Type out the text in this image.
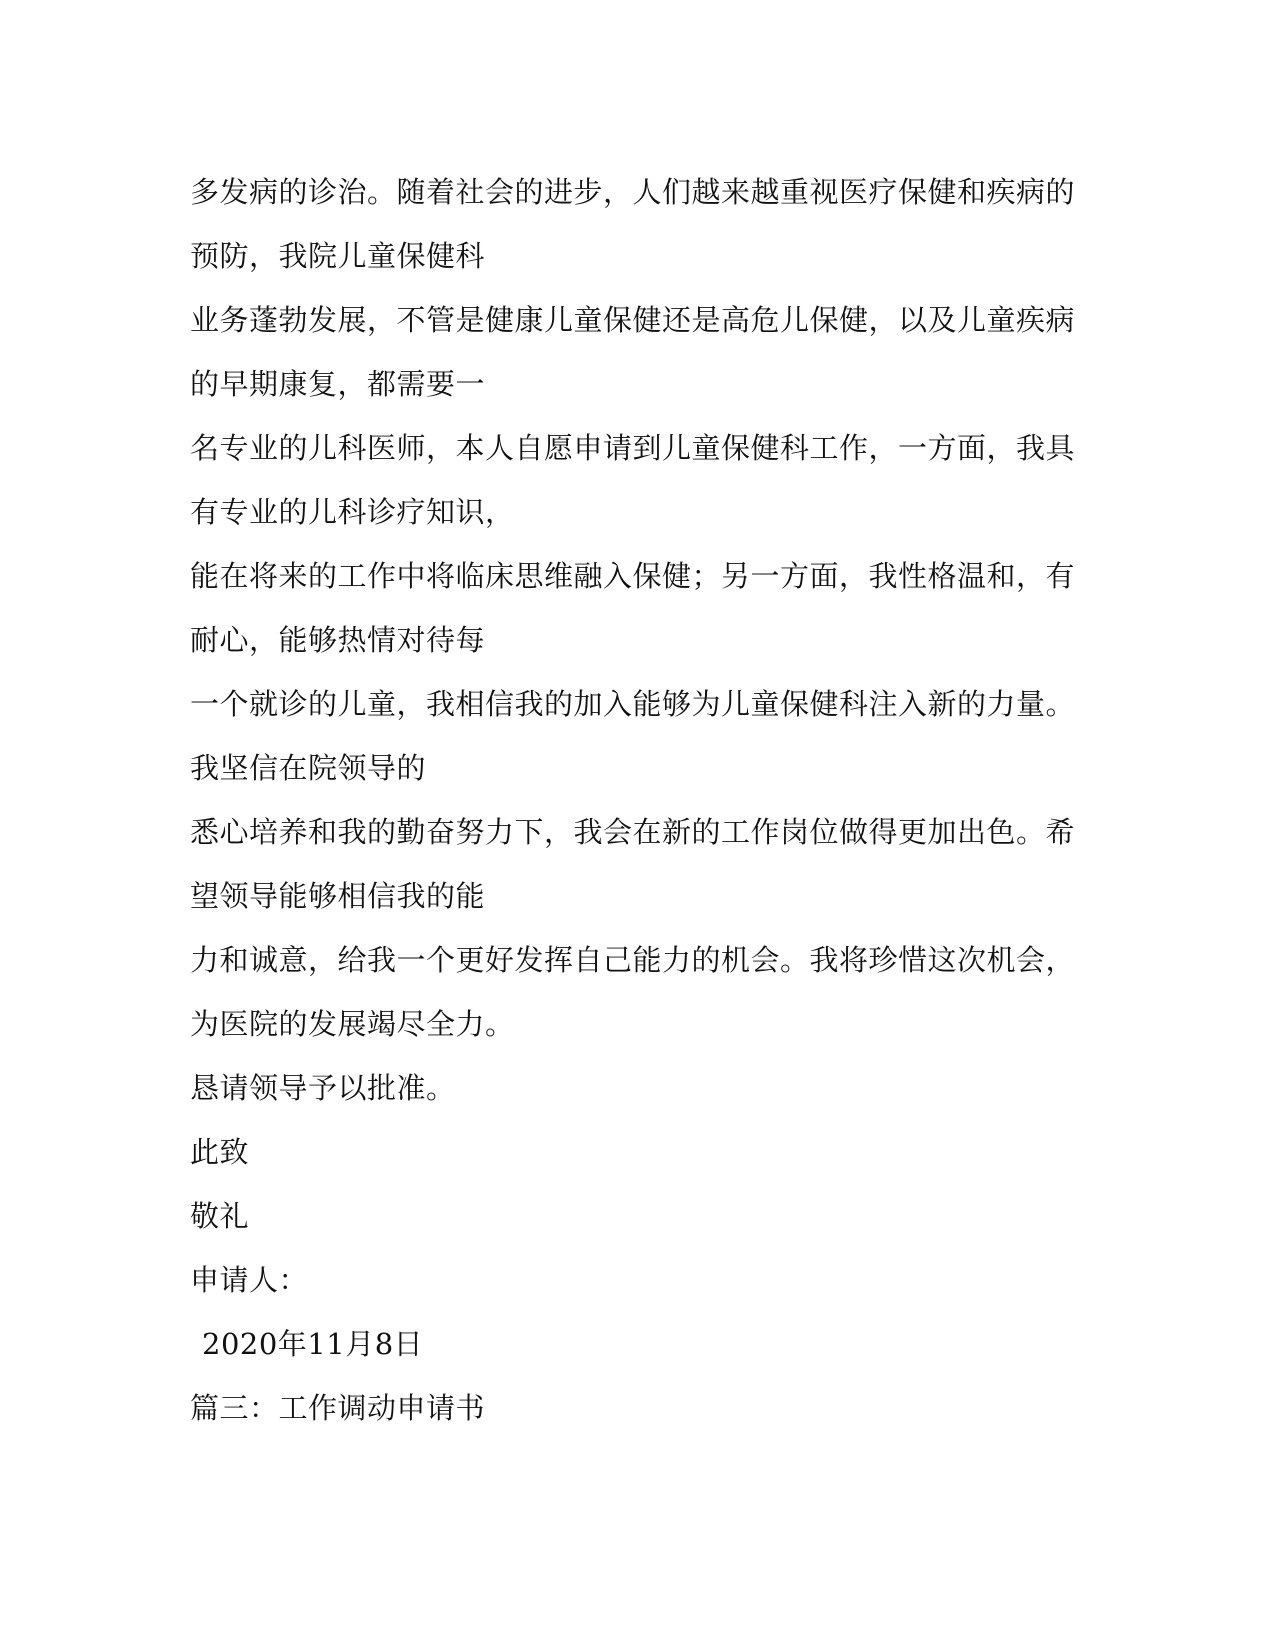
多发病的诊治。随着社会的进步，人们越来越重视医疗保健和疾病的
预防，我院儿童保健科
业务蓬勃发展，不管是健康儿童保健还是高危儿保健，以及儿童疾病
的早期康复，都需要一
名专业的儿科医师，本人自愿申请到儿童保健科工作，一方面，我具
有专业的儿科诊疗知识，
能在将来的工作中将临床思维融入保健；另一方面，我性格温和，有
耐心，能够热情对待每
一个就诊的儿童，我相信我的加入能够为儿童保健科注入新的力量。
我坚信在院领导的
悉心培养和我的勤奋努力下，我会在新的工作岗位做得更加出色。希
望领导能够相信我的能
力和诚意，给我一个更好发挥自己能力的机会。我将珍惜这次机会，
为医院的发展竭尽全力。
恳请领导予以批准。
此致
敬礼
申请人：
2020年11月8日
篇三：工作调动申请书
